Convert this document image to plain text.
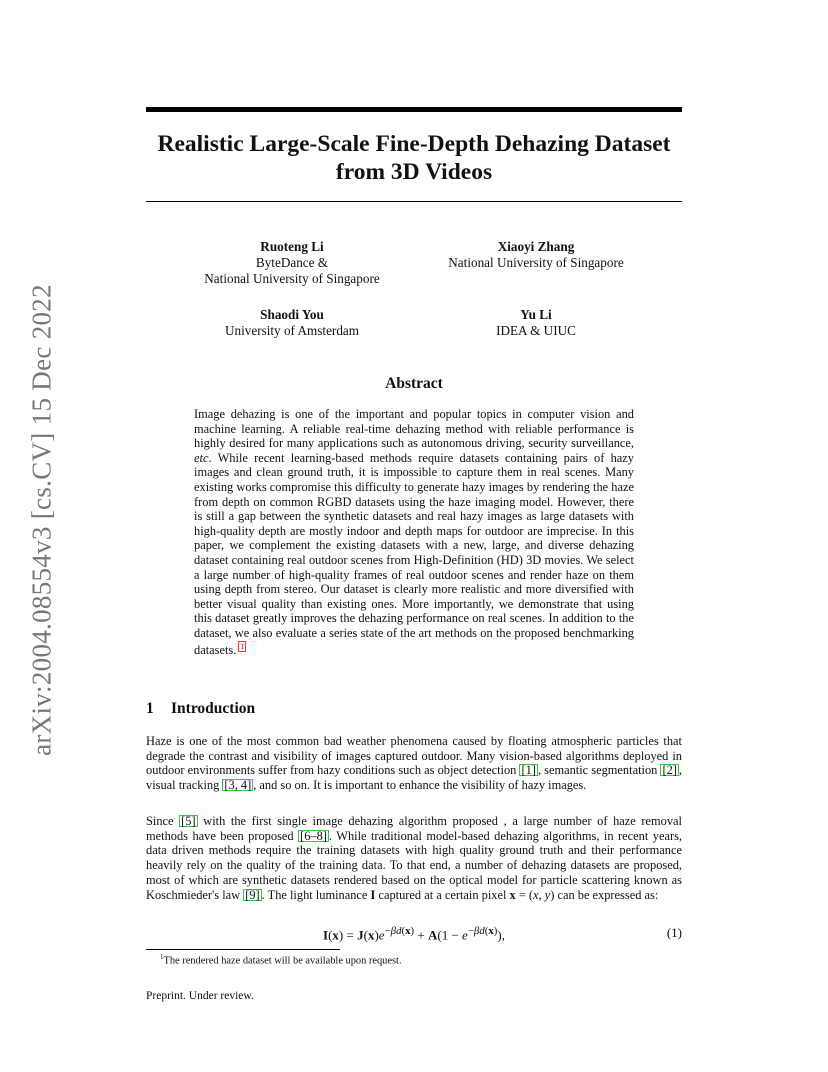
arXiv:2004.08554v3 [cs.CV] 15 Dec 2022
Realistic Large-Scale Fine-Depth Dehazing Dataset
from 3D Videos
Ruoteng Li
ByteDance &
National University of Singapore
Xiaoyi Zhang
National University of Singapore
Shaodi You
University of Amsterdam
Yu Li
IDEA & UIUC
Abstract

Image dehazing is one of the important and popular topics in computer vision and machine learning. A reliable real-time dehazing method with reliable performance is highly desired for many applications such as autonomous driving, security surveillance, etc. While recent learning-based methods require datasets containing pairs of hazy images and clean ground truth, it is impossible to capture them in real scenes. Many existing works compromise this difficulty to generate hazy images by rendering the haze from depth on common RGBD datasets using the haze imaging model. However, there is still a gap between the synthetic datasets and real hazy images as large datasets with high-quality depth are mostly indoor and depth maps for outdoor are imprecise. In this paper, we complement the existing datasets with a new, large, and diverse dehazing dataset containing real outdoor scenes from High-Definition (HD) 3D movies. We select a large number of high-quality frames of real outdoor scenes and render haze on them using depth from stereo. Our dataset is clearly more realistic and more diversified with better visual quality than existing ones. More importantly, we demonstrate that using this dataset greatly improves the dehazing performance on real scenes. In addition to the dataset, we also evaluate a series state of the art methods on the proposed benchmarking datasets. 1

1 Introduction

Haze is one of the most common bad weather phenomena caused by floating atmospheric particles that degrade the contrast and visibility of images captured outdoor. Many vision-based algorithms deployed in outdoor environments suffer from hazy conditions such as object detection [1] , semantic segmentation [2] , visual tracking [3, 4] , and so on. It is important to enhance the visibility of hazy images.

Since [5] with the first single image dehazing algorithm proposed , a large number of haze removal methods have been proposed [6–8] . While traditional model-based dehazing algorithms, in recent years, data driven methods require the training datasets with high quality ground truth and their performance heavily rely on the quality of the training data. To that end, a number of dehazing datasets are proposed, most of which are synthetic datasets rendered based on the optical model for particle scattering known as Koschmieder's law [9] . The light luminance I captured at a certain pixel x = (x, y) can be expressed as:

$I(x) = J(x)e^{-\beta d(x)} + A(1 - e^{-\beta d(x)})$,	(1)

$^1$The rendered haze dataset will be available upon request.

Preprint. Under review.
